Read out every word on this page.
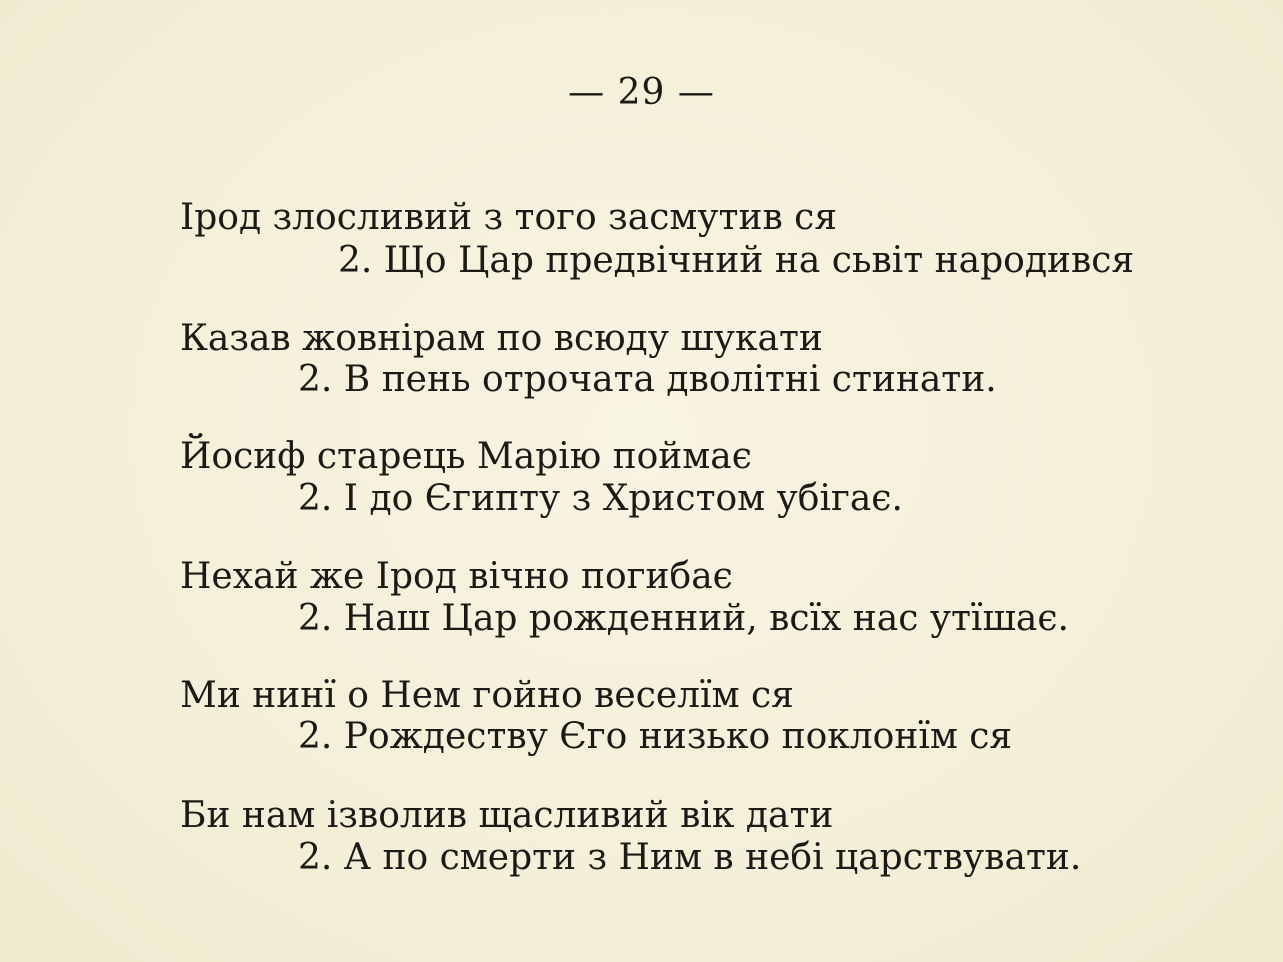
— 29 —
Ірод злосливий з того засмутив ся
2. Що Цар предвічний на сьвіт народився
Казав жовнірам по всюду шукати
2. В пень отрочата дволітні стинати.
Йосиф старець Марію поймає
2. І до Єгипту з Христом убігає.
Нехай же Ірод вічно погибає
2. Наш Цар рожденний, всїх нас утїшає.
Ми нинї о Нем гойно веселїм ся
2. Рождеству Єго низько поклонїм ся
Би нам ізволив щасливий вік дати
2. А по смерти з Ним в небі царствувати.
